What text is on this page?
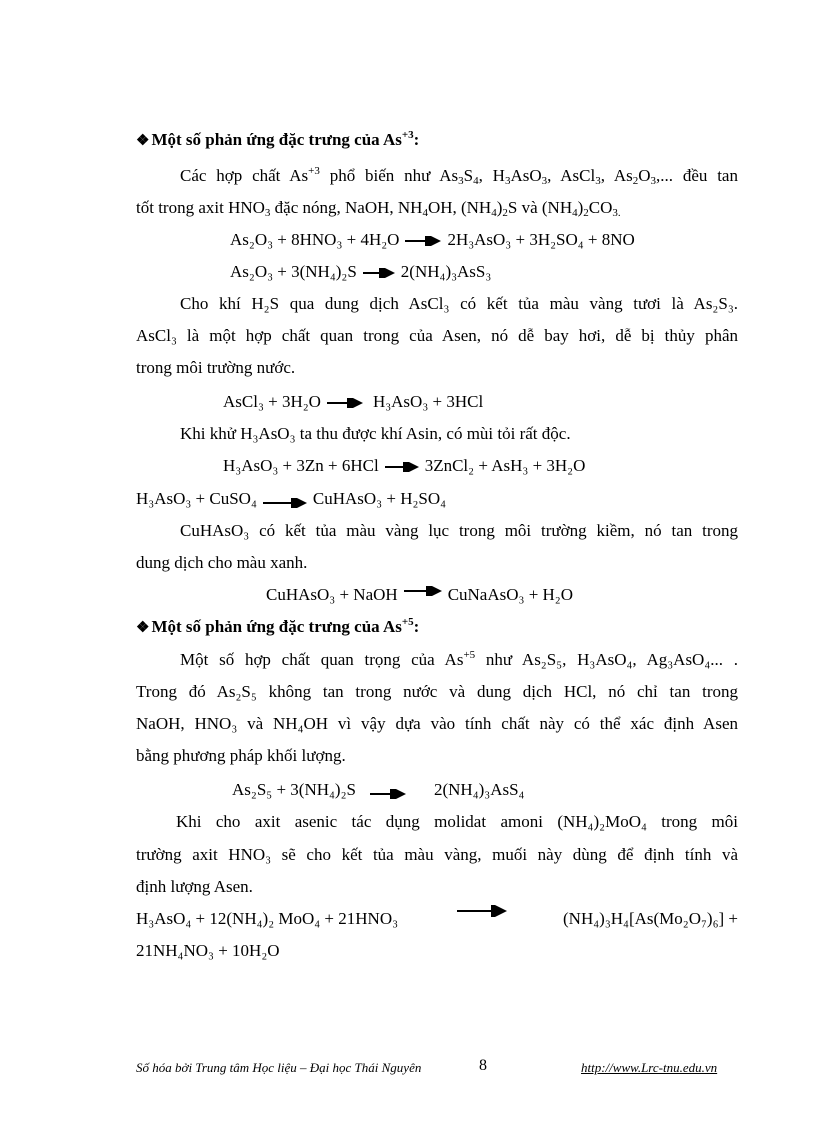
❖ Một số phản ứng đặc trưng của $As^{+3}$:
Các hợp chất $As^{+3}$ phổ biến như $As_3S_4$, $H_3AsO_3$, AsCl$_3$, $As_2O_3$,... đều tan
tốt trong axit $HNO_3$ đặc nóng, NaOH, $NH_4OH$, $(NH_4)_2S$ và $(NH_4)_2CO_{3.}$
As₂O₃ + 8HNO₃ + 4H₂O → 2H₃AsO₃ + 3H₂SO₄ + 8NO
As₂O₃ + 3(NH₄)₂S → 2(NH₄)₃AsS₃
Cho khí H₂S qua dung dịch AsCl₃ có kết tủa màu vàng tươi là As₂S₃.
AsCl₃ là một hợp chất quan trong của Asen, nó dễ bay hơi, dễ bị thủy phân
trong môi trường nước.
AsCl₃ + 3H₂O → H₃AsO₃ + 3HCl
Khi khử H₃AsO₃ ta thu được khí Asin, có mùi tỏi rất độc.
H₃AsO₃ + 3Zn + 6HCl → 3ZnCl₂ + AsH₃ + 3H₂O
H₃AsO₃ + CuSO₄ → CuHAsO₃ + H₂SO₄
CuHAsO₃ có kết tủa màu vàng lục trong môi trường kiềm, nó tan trong
dung dịch cho màu xanh.
CuHAsO₃ + NaOH → CuNaAsO₃ + H₂O
❖ Một số phản ứng đặc trưng của $As^{+5}$:
Một số hợp chất quan trọng của $As^{+5}$ như As₂S₅, H₃AsO₄, Ag₃AsO₄... .
Trong đó As₂S₅ không tan trong nước và dung dịch HCl, nó chỉ tan trong
NaOH, HNO₃ và NH₄OH vì vậy dựa vào tính chất này có thể xác định Asen
bằng phương pháp khối lượng.
As₂S₅ + 3(NH₄)₂S → 2(NH₄)₃AsS₄
Khi cho axit asenic tác dụng molidat amoni (NH₄)₂MoO₄ trong môi
trường axit HNO₃ sẽ cho kết tủa màu vàng, muối này dùng để định tính và
định lượng Asen.
H₃AsO₄ + 12(NH₄)₂ MoO₄ + 21HNO₃	(NH₄)₃H₄[As(Mo₂O₇)₆] +
21NH₄NO₃ + 10H₂O
Số hóa bởi Trung tâm Học liệu – Đại học Thái Nguyên	8	http://www.Lrc-tnu.edu.vn
